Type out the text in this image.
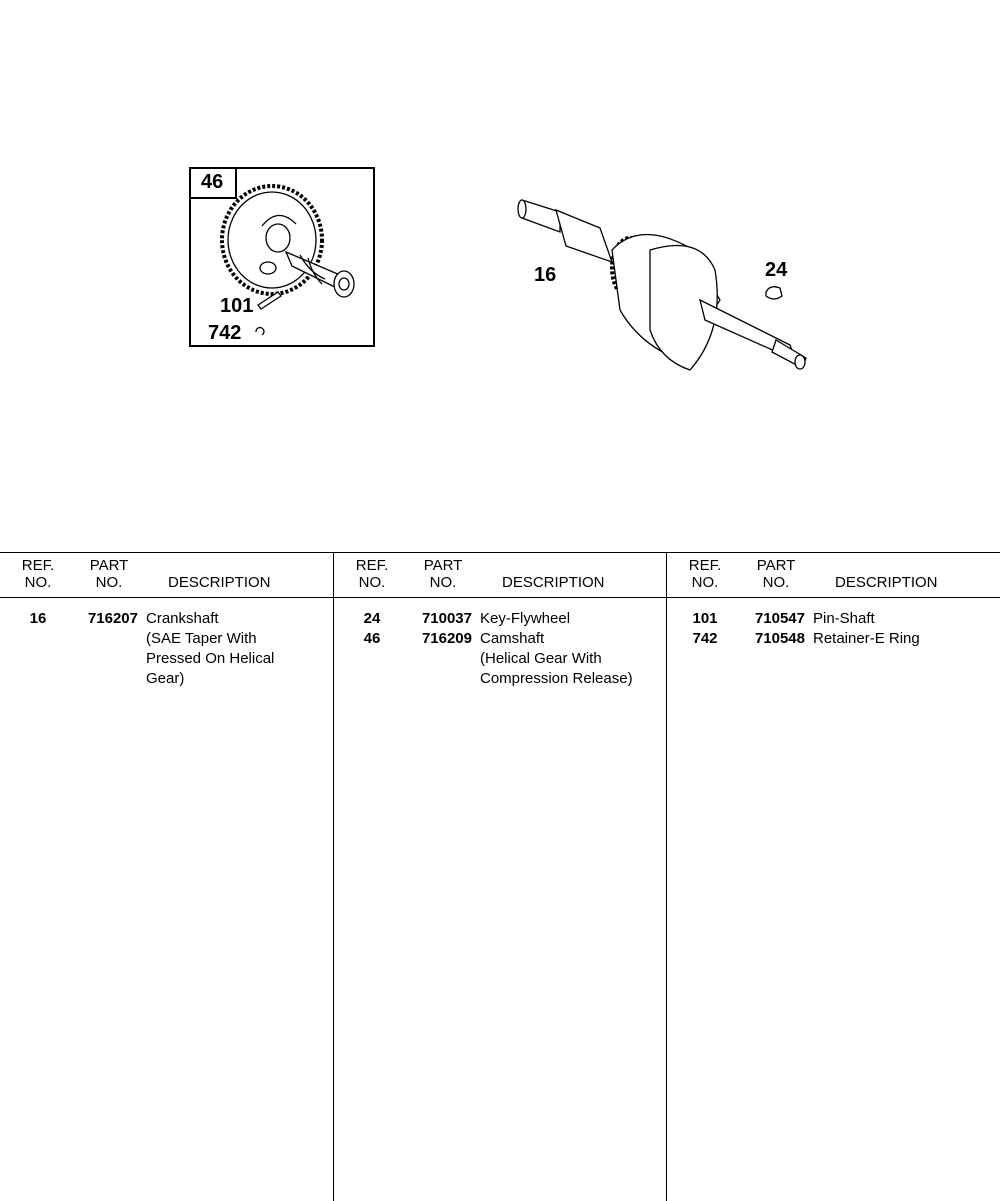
46
101
742
16	24
REF.
NO.
PART
NO.	DESCRIPTION
16	716207 Crankshaft
(SAE Taper With
Pressed On Helical
Gear)
REF.
NO.
PART
NO.	DESCRIPTION
24	710037 Key-Flywheel
46	716209 Camshaft
(Helical Gear With
Compression Release)
REF.
NO.
PART
NO.	DESCRIPTION
101	710547 Pin-Shaft
742	710548 Retainer-E Ring
